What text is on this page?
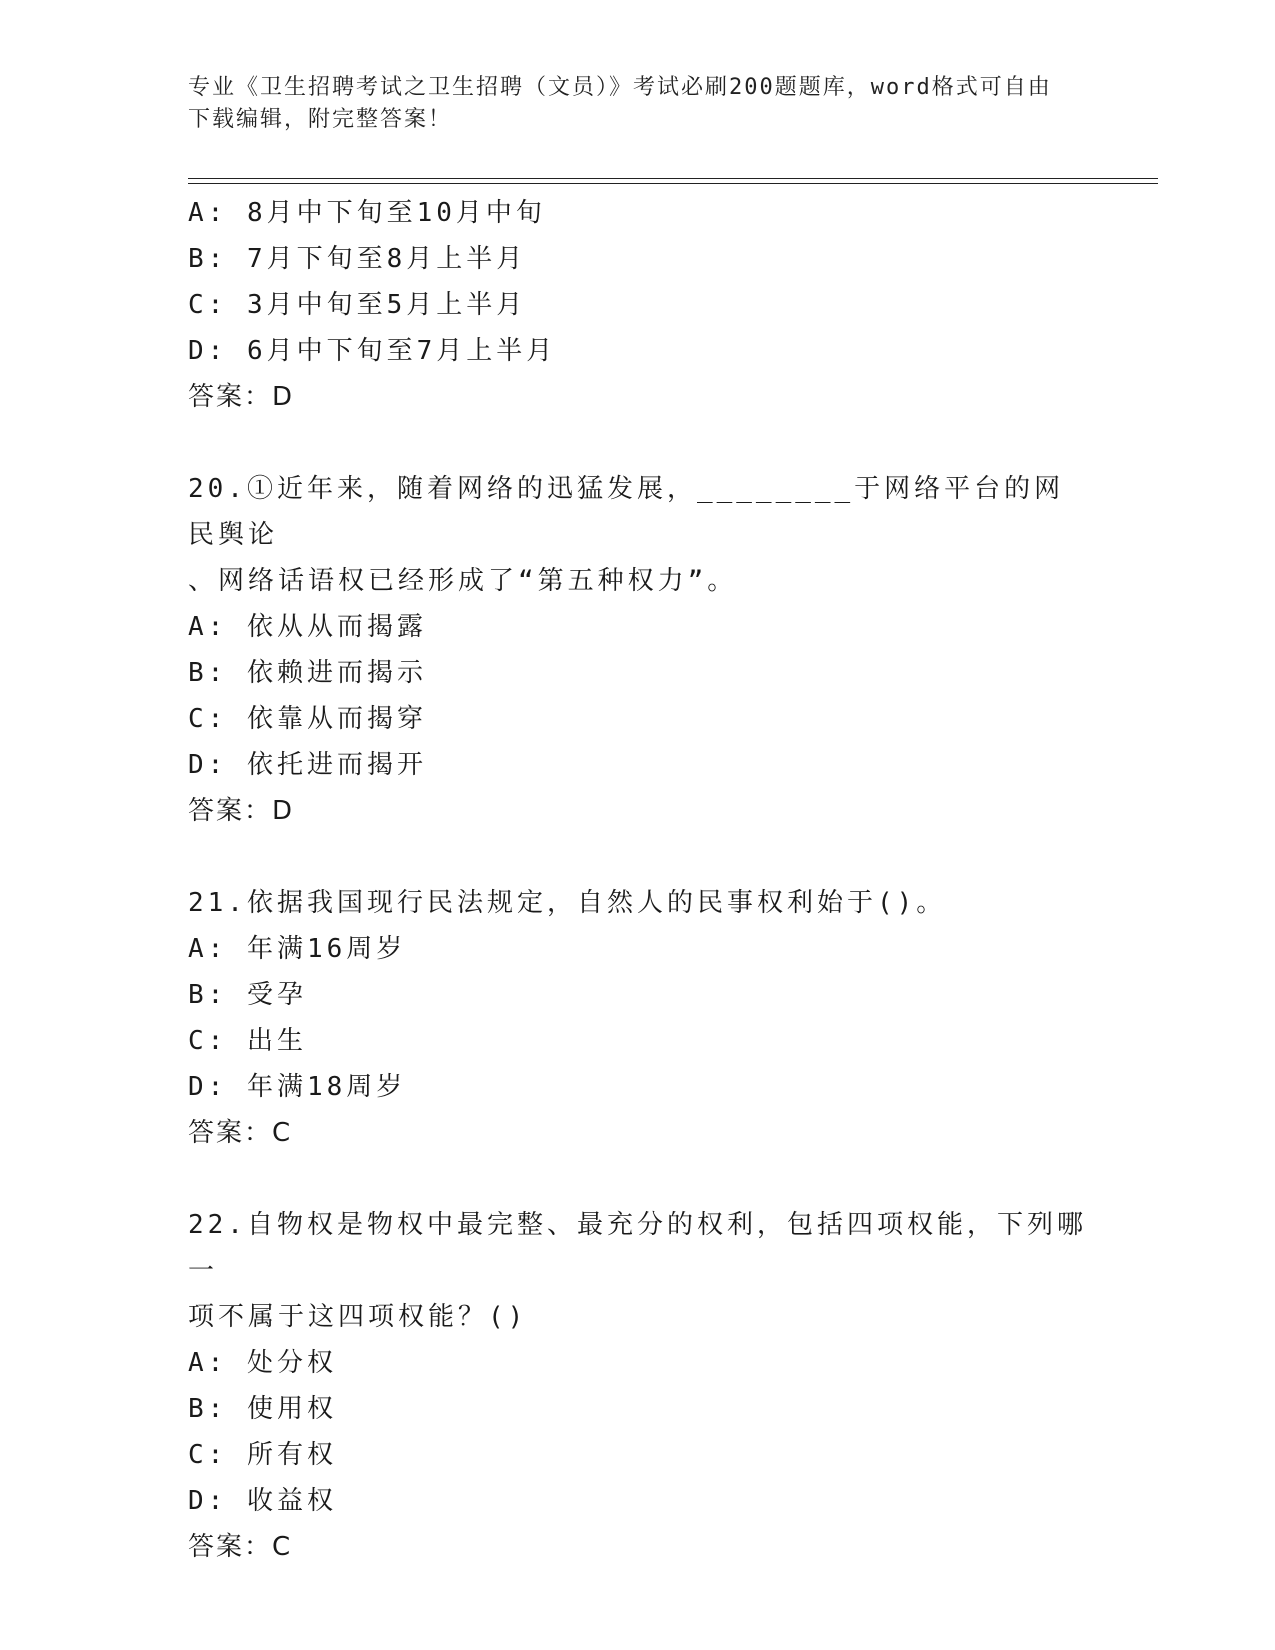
专业《卫生招聘考试之卫生招聘（文员）》考试必刷200题题库，word格式可自由下载编辑，附完整答案！
A: 8月中下旬至10月中旬
B: 7月下旬至8月上半月
C: 3月中旬至5月上半月
D: 6月中下旬至7月上半月
答案：D
20.①近年来，随着网络的迅猛发展，________于网络平台的网民舆论
、网络话语权已经形成了“第五种权力”。
A: 依从从而揭露
B: 依赖进而揭示
C: 依靠从而揭穿
D: 依托进而揭开
答案：D
21.依据我国现行民法规定，自然人的民事权利始于()。
A: 年满16周岁
B: 受孕
C: 出生
D: 年满18周岁
答案：C
22.自物权是物权中最完整、最充分的权利，包括四项权能，下列哪一
项不属于这四项权能？()
A: 处分权
B: 使用权
C: 所有权
D: 收益权
答案：C
